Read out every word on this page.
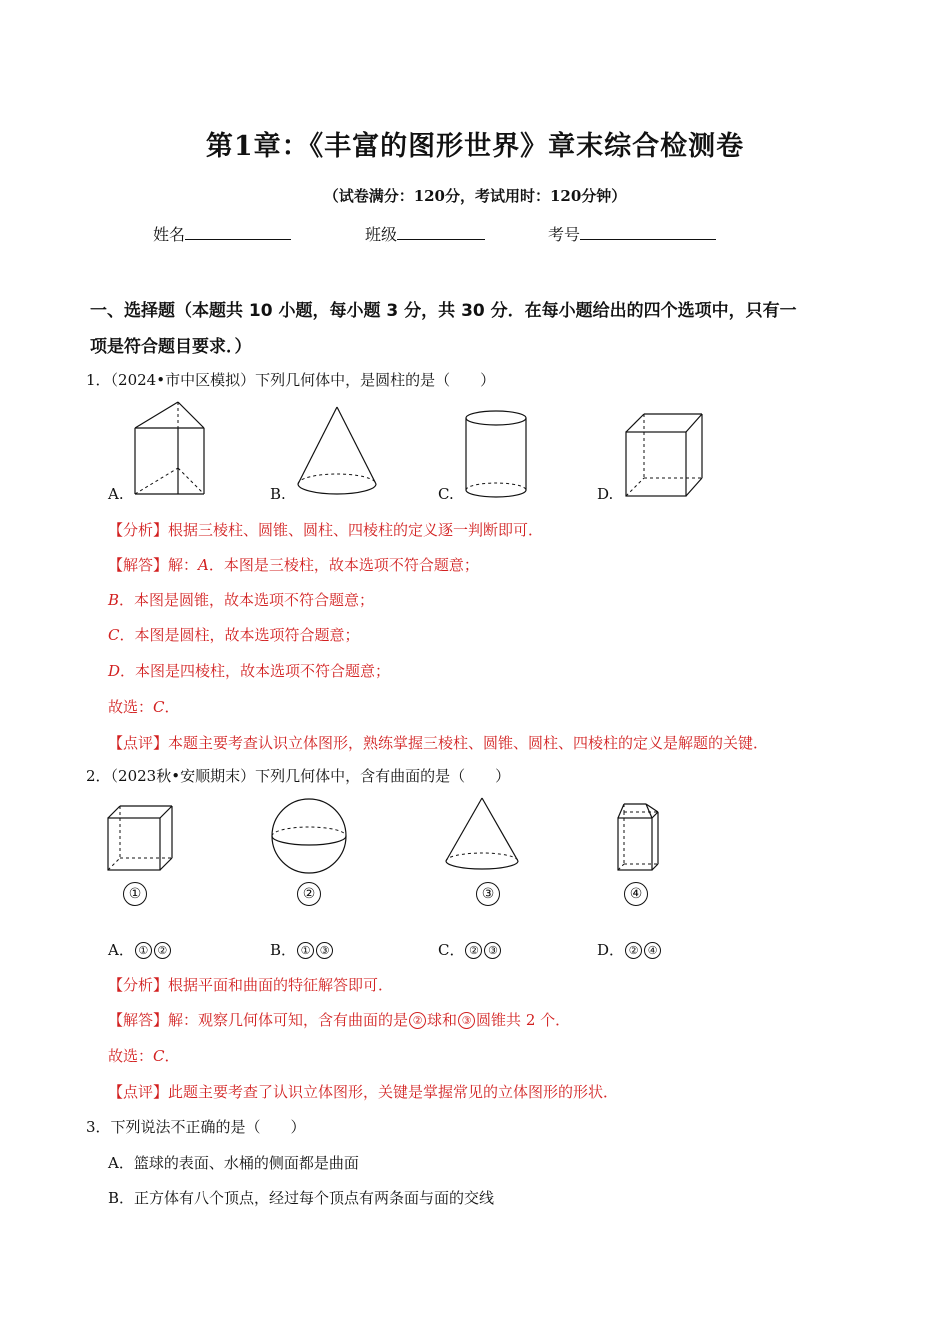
第1章：《丰富的图形世界》章末综合检测卷
（试卷满分：120分，考试用时：120分钟）
姓名	班级	考号
一、选择题（本题共 10 小题，每小题 3 分，共 30 分．在每小题给出的四个选项中，只有一
项是符合题目要求．）
1．（2024•市中区模拟）下列几何体中，是圆柱的是（　　）
A.	B.	C.	D.
【分析】根据三棱柱、圆锥、圆柱、四棱柱的定义逐一判断即可．
【解答】解：A．本图是三棱柱，故本选项不符合题意；
B．本图是圆锥，故本选项不符合题意；
C．本图是圆柱，故本选项符合题意；
D．本图是四棱柱，故本选项不符合题意；
故选：C．
【点评】本题主要考查认识立体图形，熟练掌握三棱柱、圆锥、圆柱、四棱柱的定义是解题的关键．
2．（2023秋•安顺期末）下列几何体中，含有曲面的是（　　）
①	②	③	④
A． ① ②	B． ① ③	C． ② ③	D． ② ④
【分析】根据平面和曲面的特征解答即可．
【解答】解：观察几何体可知，含有曲面的是 ② 球和 ③ 圆锥共 2 个．
故选：C．
【点评】此题主要考查了认识立体图形，关键是掌握常见的立体图形的形状．
3．下列说法不正确的是（　　）
A．篮球的表面、水桶的侧面都是曲面
B．正方体有八个顶点，经过每个顶点有两条面与面的交线
